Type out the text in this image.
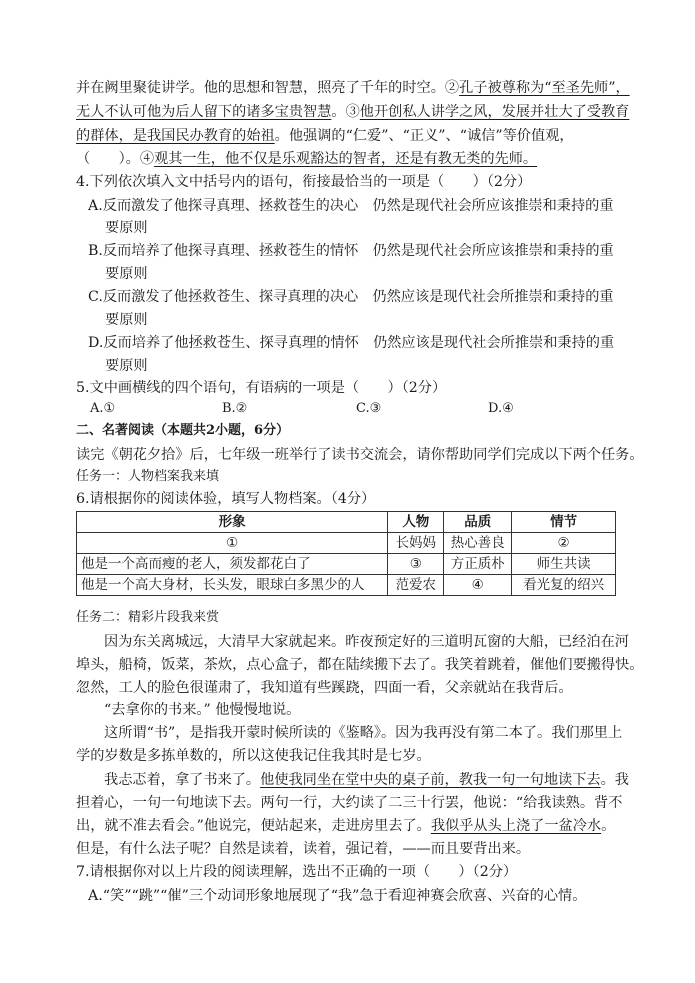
并在阙里聚徒讲学。他的思想和智慧，照亮了千年的时空。②孔子被尊称为“至圣先师”，
无人不认可他为后人留下的诸多宝贵智慧。③他开创私人讲学之风，发展并壮大了受教育
的群体，是我国民办教育的始祖。他强调的“仁爱”、“正义”、“诚信”等价值观，
（　　）。④观其一生，他不仅是乐观豁达的智者，还是有教无类的先师。
4.下列依次填入文中括号内的语句，衔接最恰当的一项是（　　）（2分）
A.反而激发了他探寻真理、拯救苍生的决心　仍然是现代社会所应该推崇和秉持的重
要原则
B.反而培养了他探寻真理、拯救苍生的情怀　仍然是现代社会所应该推崇和秉持的重
要原则
C.反而激发了他拯救苍生、探寻真理的决心　仍然应该是现代社会所推崇和秉持的重
要原则
D.反而培养了他拯救苍生、探寻真理的情怀　仍然应该是现代社会所推崇和秉持的重
要原则
5.文中画横线的四个语句，有语病的一项是（　　）（2分）
A.①	B.②	C.③	D.④
二、名著阅读（本题共2小题，6分）
读完《朝花夕拾》后，七年级一班举行了读书交流会，请你帮助同学们完成以下两个任务。
任务一：人物档案我来填
6.请根据你的阅读体验，填写人物档案。（4分）
形象	人物	品质	情节
①	长妈妈	热心善良	②
他是一个高而瘦的老人，须发都花白了	③	方正质朴	师生共读
他是一个高大身材，长头发，眼球白多黑少的人	范爱农	④	看光复的绍兴
任务二：精彩片段我来赏
因为东关离城远，大清早大家就起来。昨夜预定好的三道明瓦窗的大船，已经泊在河
埠头，船椅，饭菜，茶炊，点心盒子，都在陆续搬下去了。我笑着跳着，催他们要搬得快。
忽然，工人的脸色很谨肃了，我知道有些蹊跷，四面一看，父亲就站在我背后。
“去拿你的书来。” 他慢慢地说。
这所谓“书”，是指我开蒙时候所读的《鉴略》。因为我再没有第二本了。我们那里上
学的岁数是多拣单数的，所以这使我记住我其时是七岁。
我忐忑着，拿了书来了。他使我同坐在堂中央的桌子前，教我一句一句地读下去。我
担着心，一句一句地读下去。两句一行，大约读了二三十行罢，他说：“给我读熟。背不
出，就不准去看会。”他说完，便站起来，走进房里去了。我似乎从头上浇了一盆冷水。
但是，有什么法子呢？自然是读着，读着，强记着，——而且要背出来。
7.请根据你对以上片段的阅读理解，选出不正确的一项（　　）（2分）
A.“笑”“跳”“催”三个动词形象地展现了“我”急于看迎神赛会欣喜、兴奋的心情。
